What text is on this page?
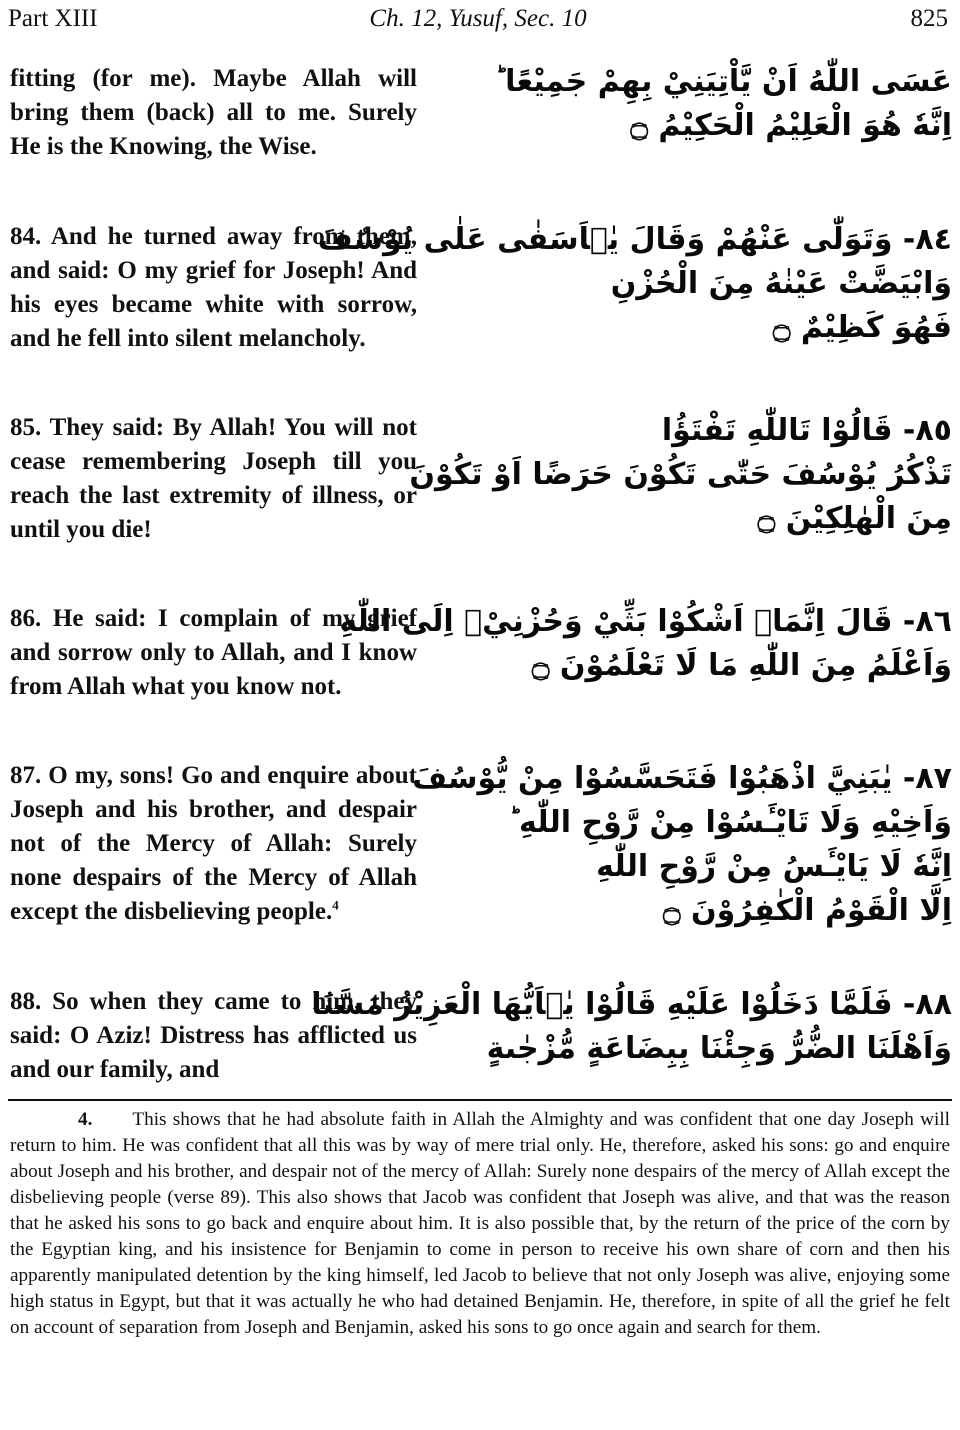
Part XIII	Ch. 12, Yusuf, Sec. 10	825
fitting (for me). Maybe Allah will bring them (back) all to me. Surely He is the Knowing, the Wise.
عَسَى اللّٰهُ اَنْ يَّاْتِيَنِيْ بِهِمْ جَمِيْعًا ؕ
اِنَّهٗ هُوَ الْعَلِيْمُ الْحَكِيْمُ ۝
84. And he turned away from them, and said: O my grief for Joseph! And his eyes became white with sorrow, and he fell into silent melancholy.
٨٤- وَتَوَلّٰى عَنْهُمْ وَقَالَ يٰۤاَسَفٰى عَلٰى يُوْسُفَ
وَابْيَضَّتْ عَيْنٰهُ مِنَ الْحُزْنِ
فَهُوَ كَظِيْمٌ ۝
85. They said: By Allah! You will not cease remembering Joseph till you reach the last extremity of illness, or until you die!
٨٥- قَالُوْا تَاللّٰهِ تَفْتَؤُا
تَذْكُرُ يُوْسُفَ حَتّٰى تَكُوْنَ حَرَضًا اَوْ تَكُوْنَ
مِنَ الْهٰلِكِيْنَ ۝
86. He said: I complain of my grief and sorrow only to Allah, and I know from Allah what you know not.
٨٦- قَالَ اِنَّمَاۤ اَشْكُوْا بَثِّيْ وَحُزْنِيْۤ اِلَى اللّٰهِ
وَاَعْلَمُ مِنَ اللّٰهِ مَا لَا تَعْلَمُوْنَ ۝
87. O my, sons! Go and enquire about Joseph and his brother, and despair not of the Mercy of Allah: Surely none despairs of the Mercy of Allah except the disbelieving people.$^4$
٨٧- يٰبَنِيَّ اذْهَبُوْا فَتَحَسَّسُوْا مِنْ يُّوْسُفَ
وَاَخِيْهِ وَلَا تَايْـَٔسُوْا مِنْ رَّوْحِ اللّٰهِ ؕ
اِنَّهٗ لَا يَايْـَٔسُ مِنْ رَّوْحِ اللّٰهِ
اِلَّا الْقَوْمُ الْكٰفِرُوْنَ ۝
88. So when they came to him, they said: O Aziz! Distress has afflicted us and our family, and
٨٨- فَلَمَّا دَخَلُوْا عَلَيْهِ قَالُوْا يٰۤاَيُّهَا الْعَزِيْزُ مَسَّنَا
وَاَهْلَنَا الضُّرُّ وَجِئْنَا بِبِضَاعَةٍ مُّزْجٰىةٍ
4. This shows that he had absolute faith in Allah the Almighty and was confident that one day Joseph will return to him. He was confident that all this was by way of mere trial only. He, therefore, asked his sons: go and enquire about Joseph and his brother, and despair not of the mercy of Allah: Surely none despairs of the mercy of Allah except the disbelieving people (verse 89). This also shows that Jacob was confident that Joseph was alive, and that was the reason that he asked his sons to go back and enquire about him. It is also possible that, by the return of the price of the corn by the Egyptian king, and his insistence for Benjamin to come in person to receive his own share of corn and then his apparently manipulated detention by the king himself, led Jacob to believe that not only Joseph was alive, enjoying some high status in Egypt, but that it was actually he who had detained Benjamin. He, therefore, in spite of all the grief he felt on account of separation from Joseph and Benjamin, asked his sons to go once again and search for them.
